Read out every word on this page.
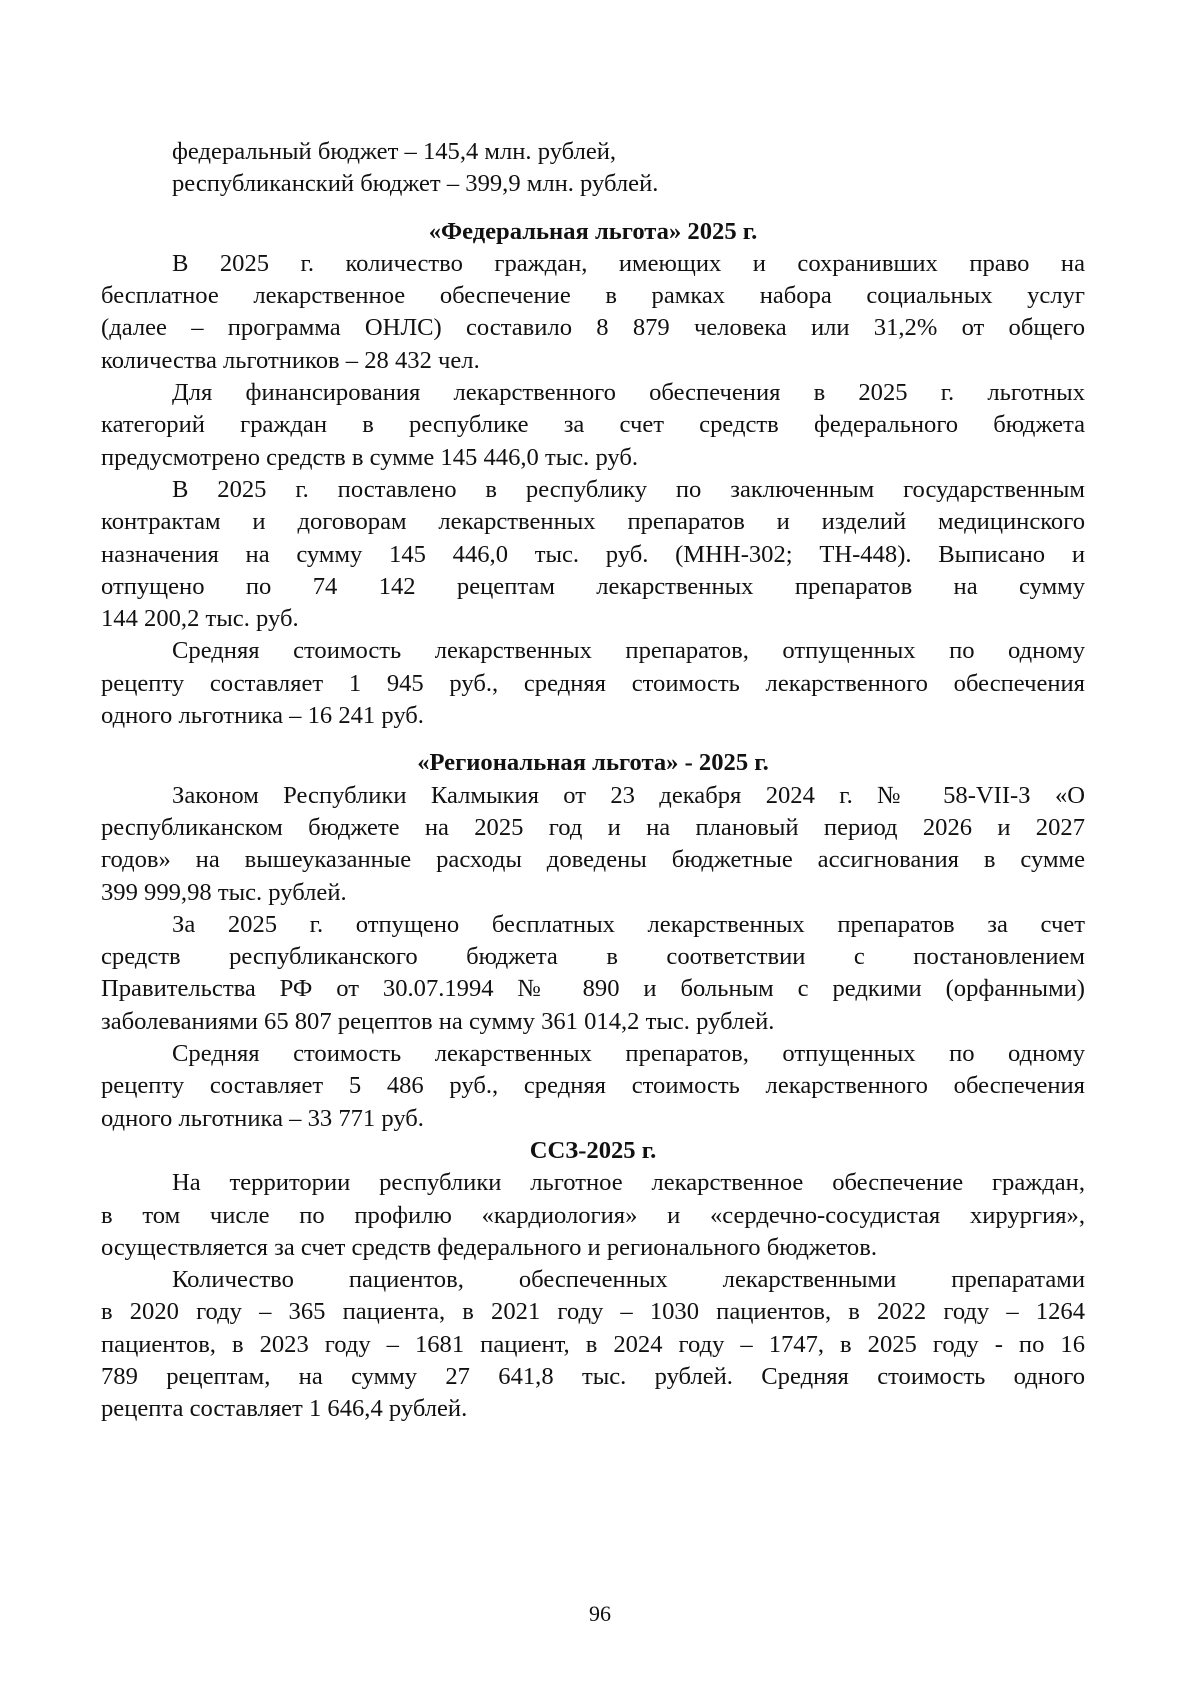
федеральный бюджет – 145,4 млн. рублей,
республиканский бюджет – 399,9 млн. рублей.
«Федеральная льгота» 2025 г.
В 2025 г. количество граждан, имеющих и сохранивших право на
бесплатное лекарственное обеспечение в рамках набора социальных услуг
(далее – программа ОНЛС) составило 8 879 человека или 31,2% от общего
количества льготников – 28 432 чел.
Для финансирования лекарственного обеспечения в 2025 г. льготных
категорий граждан в республике за счет средств федерального бюджета
предусмотрено средств в сумме 145 446,0 тыс. руб.
В 2025 г. поставлено в республику по заключенным государственным
контрактам и договорам лекарственных препаратов и изделий медицинского
назначения на сумму 145 446,0 тыс. руб. (МНН-302; ТН-448). Выписано и
отпущено по 74 142 рецептам лекарственных препаратов на сумму
144 200,2 тыс. руб.
Средняя стоимость лекарственных препаратов, отпущенных по одному
рецепту составляет 1 945 руб., средняя стоимость лекарственного обеспечения
одного льготника – 16 241 руб.
«Региональная льгота» - 2025 г.
Законом Республики Калмыкия от 23 декабря 2024 г. № 58-VII-З «О
республиканском бюджете на 2025 год и на плановый период 2026 и 2027
годов» на вышеуказанные расходы доведены бюджетные ассигнования в сумме
399 999,98 тыс. рублей.
За 2025 г. отпущено бесплатных лекарственных препаратов за счет
средств республиканского бюджета в соответствии с постановлением
Правительства РФ от 30.07.1994 № 890 и больным с редкими (орфанными)
заболеваниями 65 807 рецептов на сумму 361 014,2 тыс. рублей.
Средняя стоимость лекарственных препаратов, отпущенных по одному
рецепту составляет 5 486 руб., средняя стоимость лекарственного обеспечения
одного льготника – 33 771 руб.
ССЗ-2025 г.
На территории республики льготное лекарственное обеспечение граждан,
в том числе по профилю «кардиология» и «сердечно-сосудистая хирургия»,
осуществляется за счет средств федерального и регионального бюджетов.
Количество пациентов, обеспеченных лекарственными препаратами
в 2020 году – 365 пациента, в 2021 году – 1030 пациентов, в 2022 году – 1264
пациентов, в 2023 году – 1681 пациент, в 2024 году – 1747, в 2025 году - по 16
789 рецептам, на сумму 27 641,8 тыс. рублей. Средняя стоимость одного
рецепта составляет 1 646,4 рублей.
96
